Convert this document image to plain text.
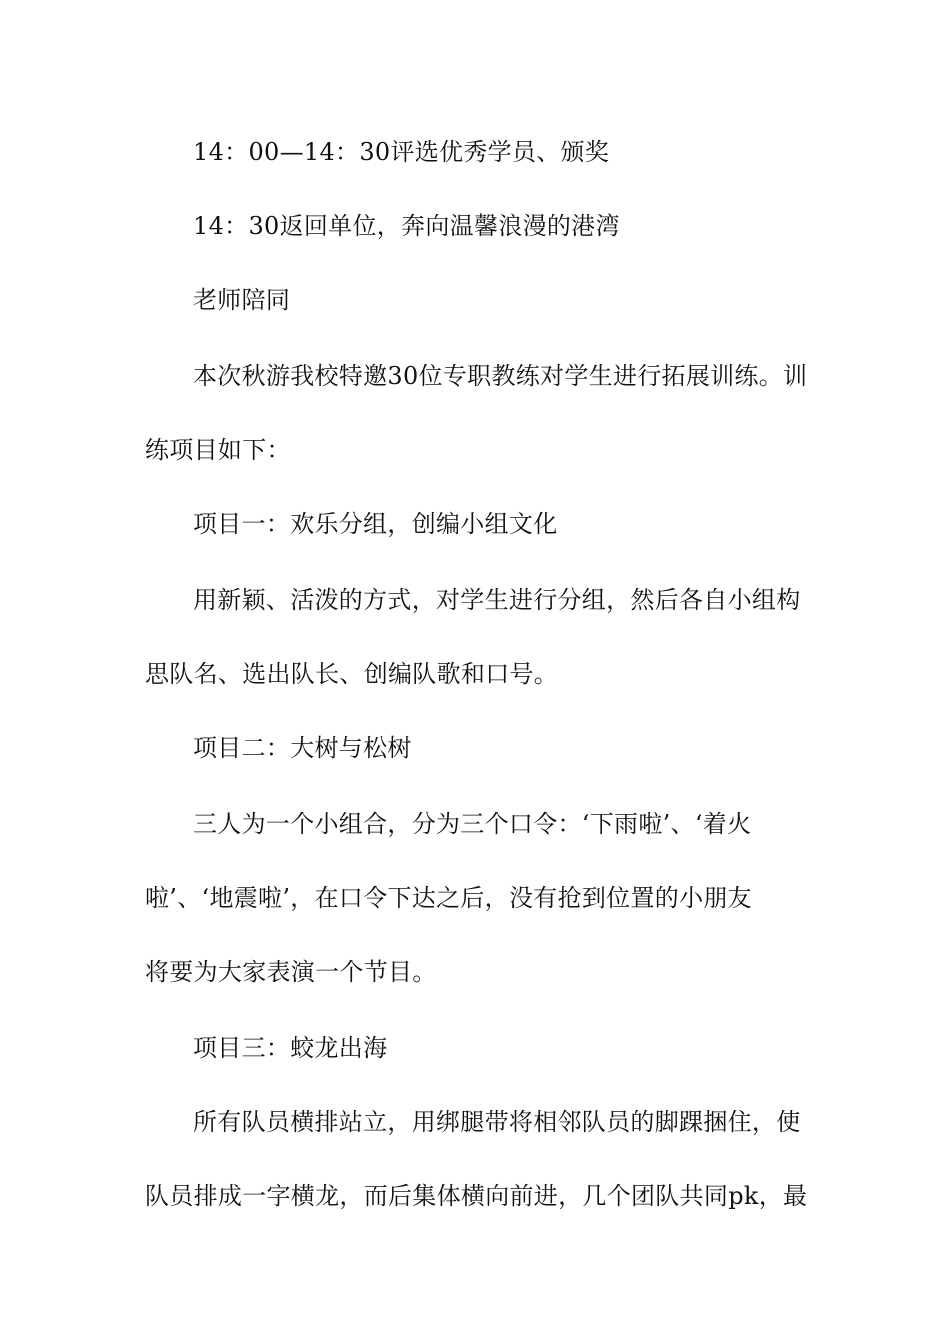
14：00—14：30评选优秀学员、颁奖
14：30返回单位，奔向温馨浪漫的港湾
老师陪同
本次秋游我校特邀30位专职教练对学生进行拓展训练。训
练项目如下：
项目一：欢乐分组，创编小组文化
用新颖、活泼的方式，对学生进行分组，然后各自小组构
思队名、选出队长、创编队歌和口号。
项目二：大树与松树
三人为一个小组合，分为三个口令：‘下雨啦’、‘着火
啦’、‘地震啦’，在口令下达之后，没有抢到位置的小朋友
将要为大家表演一个节目。
项目三：蛟龙出海
所有队员横排站立，用绑腿带将相邻队员的脚踝捆住，使
队员排成一字横龙，而后集体横向前进，几个团队共同pk，最
